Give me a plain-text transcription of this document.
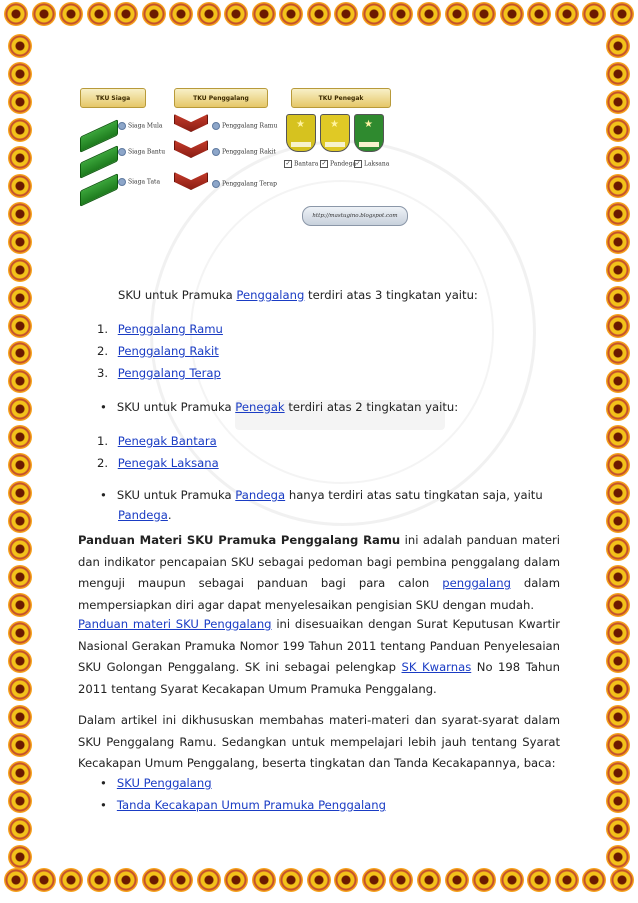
TKU Siaga	TKU Penggalang	TKU Penegak
Siaga Mula
Siaga Bantu
Siaga Tata
Penggalang Ramu
Penggalang Rakit
Penggalang Terap
★	★	★
✓ Bantara ✓ Pandega ✓ Laksana
http://mastugino.blogspot.com
SKU untuk Pramuka Penggalang terdiri atas 3 tingkatan yaitu:
1. Penggalang Ramu
2. Penggalang Rakit
3. Penggalang Terap
• SKU untuk Pramuka Penegak terdiri atas 2 tingkatan yaitu:
1. Penegak Bantara
2. Penegak Laksana
• SKU untuk Pramuka Pandega hanya terdiri atas satu tingkatan saja, yaitu
Pandega.
Panduan Materi SKU Pramuka Penggalang Ramu ini adalah panduan materi dan indikator pencapaian SKU sebagai pedoman bagi pembina penggalang dalam menguji maupun sebagai panduan bagi para calon penggalang dalam mempersiapkan diri agar dapat menyelesaikan pengisian SKU dengan mudah.
Panduan materi SKU Penggalang ini disesuaikan dengan Surat Keputusan Kwartir Nasional Gerakan Pramuka Nomor 199 Tahun 2011 tentang Panduan Penyelesaian SKU Golongan Penggalang. SK ini sebagai pelengkap SK Kwarnas No 198 Tahun 2011 tentang Syarat Kecakapan Umum Pramuka Penggalang.
Dalam artikel ini dikhususkan membahas materi-materi dan syarat-syarat dalam SKU Penggalang Ramu. Sedangkan untuk mempelajari lebih jauh tentang Syarat Kecakapan Umum Penggalang, beserta tingkatan dan Tanda Kecakapannya, baca:
• SKU Penggalang
• Tanda Kecakapan Umum Pramuka Penggalang
